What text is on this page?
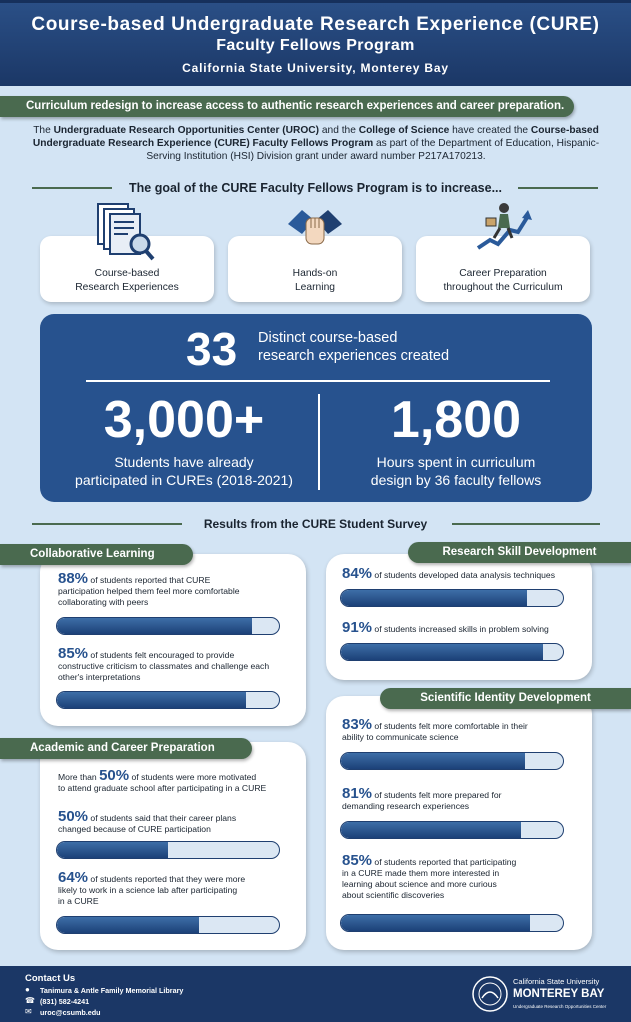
Course-based Undergraduate Research Experience (CURE)
Faculty Fellows Program
California State University, Monterey Bay
Curriculum redesign to increase access to authentic research experiences and career preparation.
The Undergraduate Research Opportunities Center (UROC) and the College of Science have created the Course-based Undergraduate Research Experience (CURE) Faculty Fellows Program as part of the Department of Education, Hispanic-Serving Institution (HSI) Division grant under award number P217A170213.
The goal of the CURE Faculty Fellows Program is to increase...
Course-based
Research Experiences
Hands-on
Learning
Career Preparation
throughout the Curriculum
33 Distinct course-based
research experiences created
3,000+
Students have already
participated in CUREs (2018-2021)
1,800
Hours spent in curriculum
design by 36 faculty fellows
Results from the CURE Student Survey
Collaborative Learning	Research Skill Development
Academic and Career Preparation
Scientific Identity Development
88% of students reported that CURE
participation helped them feel more comfortable
collaborating with peers
85% of students felt encouraged to provide
constructive criticism to classmates and challenge each
other's interpretations
84% of students developed data analysis techniques
91% of students increased skills in problem solving
More than 50% of students were more motivated
to attend graduate school after participating in a CURE
50% of students said that their career plans
changed because of CURE participation
64% of students reported that they were more
likely to work in a science lab after participating
in a CURE
83% of students felt more comfortable in their
ability to communicate science
81% of students felt more prepared for
demanding research experiences
85% of students reported that participating
in a CURE made them more interested in
learning about science and more curious
about scientific discoveries
Contact Us
● Tanimura & Antle Family Memorial Library
☎ (831) 582-4241
✉ uroc@csumb.edu
California State University
MONTEREY BAY
Undergraduate Research Opportunities Center
